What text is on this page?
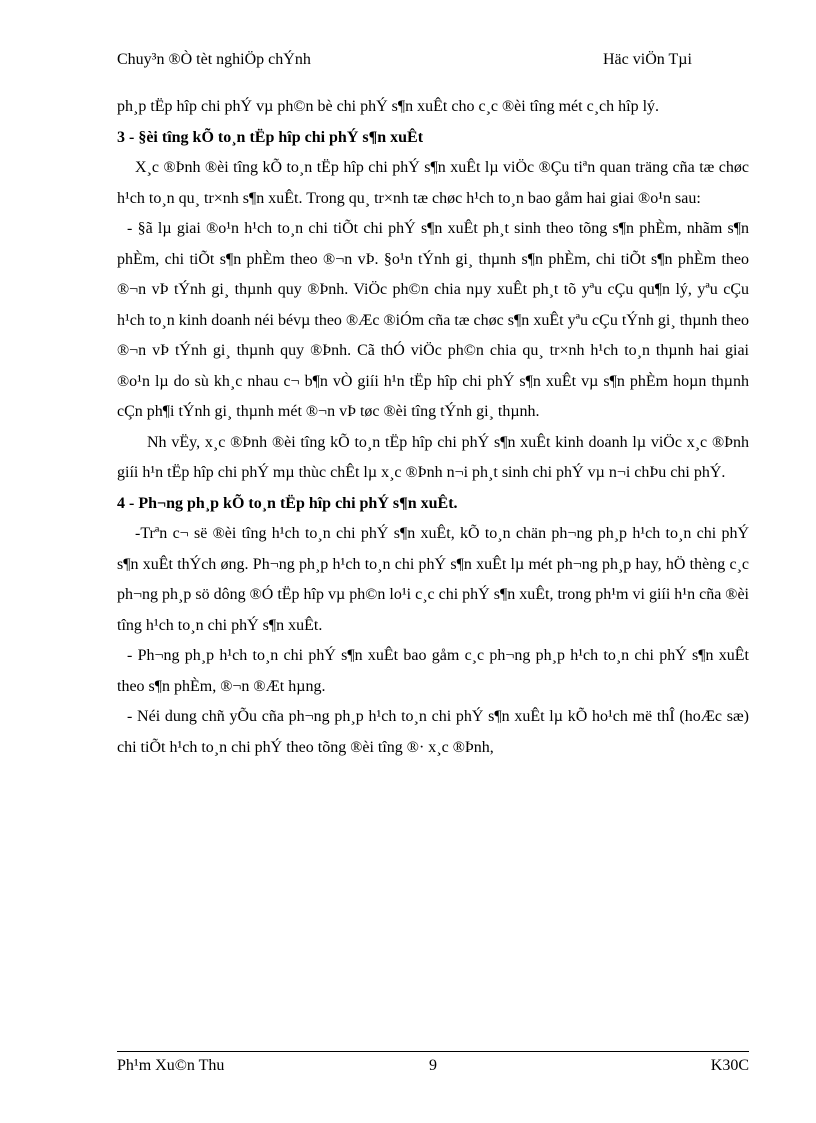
Chuy³n ®Ò tèt nghiÖp chÝnh	Häc viÖn Tµi

ph¸p tËp hîp chi phÝ vµ ph©n bè chi phÝ s¶n xuÊt cho c¸c ®èi tîng mét c¸ch hîp lý.

3 - §èi tîng kÕ to¸n tËp hîp chi phÝ s¶n xuÊt

X¸c ®Þnh ®èi tîng kÕ to¸n tËp hîp chi phÝ s¶n xuÊt lµ viÖc ®Çu tiªn quan träng cña tæ chøc h¹ch to¸n qu¸ tr×nh s¶n xuÊt. Trong qu¸ tr×nh tæ chøc h¹ch to¸n bao gåm hai giai ®o¹n sau:

- §ã lµ giai ®o¹n h¹ch to¸n chi tiÕt chi phÝ s¶n xuÊt ph¸t sinh theo tõng s¶n phÈm, nhãm s¶n phÈm, chi tiÕt s¶n phÈm theo ®¬n vÞ. §o¹n tÝnh gi¸ thµnh s¶n phÈm, chi tiÕt s¶n phÈm theo ®¬n vÞ tÝnh gi¸ thµnh quy ®Þnh. ViÖc ph©n chia nµy xuÊt ph¸t tõ yªu cÇu qu¶n lý, yªu cÇu h¹ch to¸n kinh doanh néi bévµ theo ®Æc ®iÓm cña tæ chøc s¶n xuÊt yªu cÇu tÝnh gi¸ thµnh theo ®¬n vÞ tÝnh gi¸ thµnh quy ®Þnh. Cã thÓ viÖc ph©n chia qu¸ tr×nh h¹ch to¸n thµnh hai giai ®o¹n lµ do sù kh¸c nhau c¬ b¶n vÒ giíi h¹n tËp hîp chi phÝ s¶n xuÊt vµ s¶n phÈm hoµn thµnh cÇn ph¶i tÝnh gi¸ thµnh mét ®¬n vÞ tøc ®èi tîng tÝnh gi¸ thµnh.

Nh vËy, x¸c ®Þnh ®èi tîng kÕ to¸n tËp hîp chi phÝ s¶n xuÊt kinh doanh lµ viÖc x¸c ®Þnh giíi h¹n tËp hîp chi phÝ mµ thùc chÊt lµ x¸c ®Þnh n¬i ph¸t sinh chi phÝ vµ n¬i chÞu chi phÝ.

4 - Ph¬ng ph¸p kÕ to¸n tËp hîp chi phÝ s¶n xuÊt.

-Trªn c¬ së ®èi tîng h¹ch to¸n chi phÝ s¶n xuÊt, kÕ to¸n chän ph¬ng ph¸p h¹ch to¸n chi phÝ s¶n xuÊt thÝch øng. Ph¬ng ph¸p h¹ch to¸n chi phÝ s¶n xuÊt lµ mét ph¬ng ph¸p hay, hÖ thèng c¸c ph¬ng ph¸p sö dông ®Ó tËp hîp vµ ph©n lo¹i c¸c chi phÝ s¶n xuÊt, trong ph¹m vi giíi h¹n cña ®èi tîng h¹ch to¸n chi phÝ s¶n xuÊt.

- Ph¬ng ph¸p h¹ch to¸n chi phÝ s¶n xuÊt bao gåm c¸c ph¬ng ph¸p h¹ch to¸n chi phÝ s¶n xuÊt theo s¶n phÈm, ®¬n ®Æt hµng.

- Néi dung chñ yÕu cña ph¬ng ph¸p h¹ch to¸n chi phÝ s¶n xuÊt lµ kÕ ho¹ch më thÎ (hoÆc sæ) chi tiÕt h¹ch to¸n chi phÝ theo tõng ®èi tîng ®· x¸c ®Þnh,

Ph¹m Xu©n Thu	9	K30C
